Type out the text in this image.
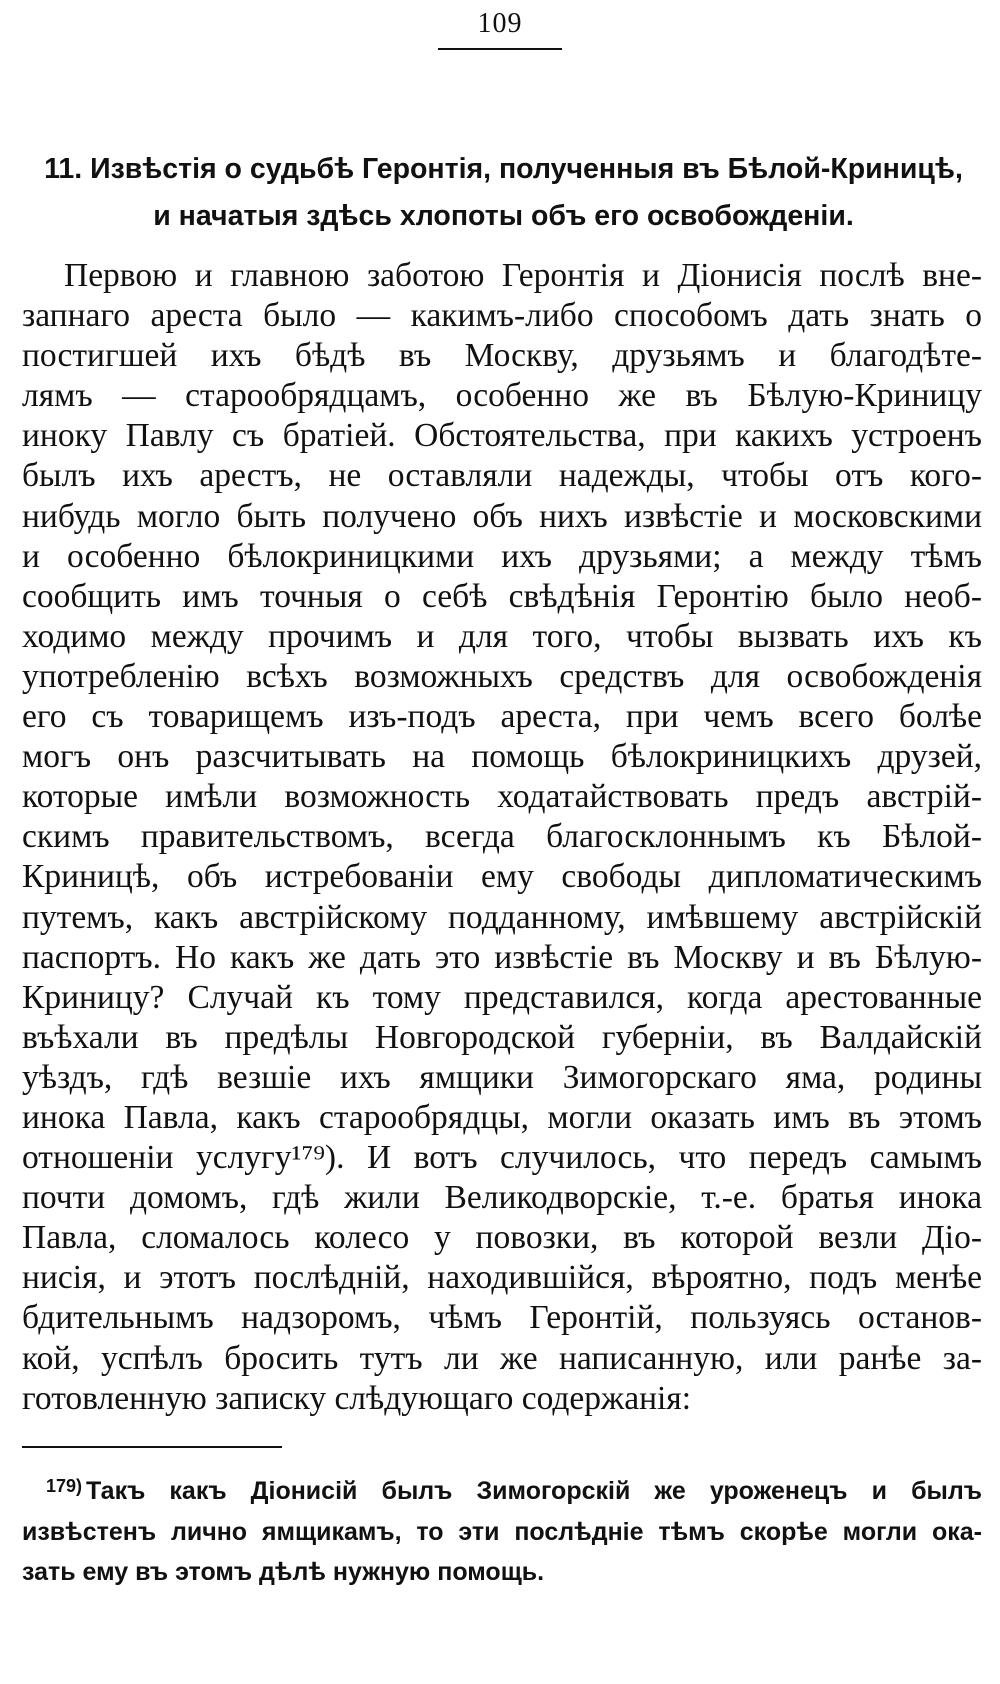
109
11. Извѣстія о судьбѣ Геронтія, полученныя въ Бѣлой-Криницѣ,
и начатыя здѣсь хлопоты объ его освобожденіи.
Первою и главною заботою Геронтія и Діонисія послѣ вне-
запнаго ареста было — какимъ-либо способомъ дать знать о
постигшей ихъ бѣдѣ въ Москву, друзьямъ и благодѣте-
лямъ — старообрядцамъ, особенно же въ Бѣлую-Криницу
иноку Павлу съ братіей. Обстоятельства, при какихъ устроенъ
былъ ихъ арестъ, не оставляли надежды, чтобы отъ кого-
нибудь могло быть получено объ нихъ извѣстіе и московскими
и особенно бѣлокриницкими ихъ друзьями; а между тѣмъ
сообщить имъ точныя о себѣ свѣдѣнія Геронтію было необ-
ходимо между прочимъ и для того, чтобы вызвать ихъ къ
употребленію всѣхъ возможныхъ средствъ для освобожденія
его съ товарищемъ изъ-подъ ареста, при чемъ всего болѣе
могъ онъ разсчитывать на помощь бѣлокриницкихъ друзей,
которые имѣли возможность ходатайствовать предъ австрій-
скимъ правительствомъ, всегда благосклоннымъ къ Бѣлой-
Криницѣ, объ истребованіи ему свободы дипломатическимъ
путемъ, какъ австрійскому подданному, имѣвшему австрійскій
паспортъ. Но какъ же дать это извѣстіе въ Москву и въ Бѣлую-
Криницу? Случай къ тому представился, когда арестованные
въѣхали въ предѣлы Новгородской губерніи, въ Валдайскій
уѣздъ, гдѣ везшіе ихъ ямщики Зимогорскаго яма, родины
инока Павла, какъ старообрядцы, могли оказать имъ въ этомъ
отношеніи услугу¹⁷⁹). И вотъ случилось, что передъ самымъ
почти домомъ, гдѣ жили Великодворскіе, т.-е. братья инока
Павла, сломалось колесо у повозки, въ которой везли Діо-
нисія, и этотъ послѣдній, находившійся, вѣроятно, подъ менѣе
бдительнымъ надзоромъ, чѣмъ Геронтій, пользуясь останов-
кой, успѣлъ бросить тутъ ли же написанную, или ранѣе за-
готовленную записку слѣдующаго содержанія:
$^{179)}$ Такъ какъ Діонисій былъ Зимогорскій же уроженецъ и былъ
извѣстенъ лично ямщикамъ, то эти послѣдніе тѣмъ скорѣе могли ока-
зать ему въ этомъ дѣлѣ нужную помощь.
